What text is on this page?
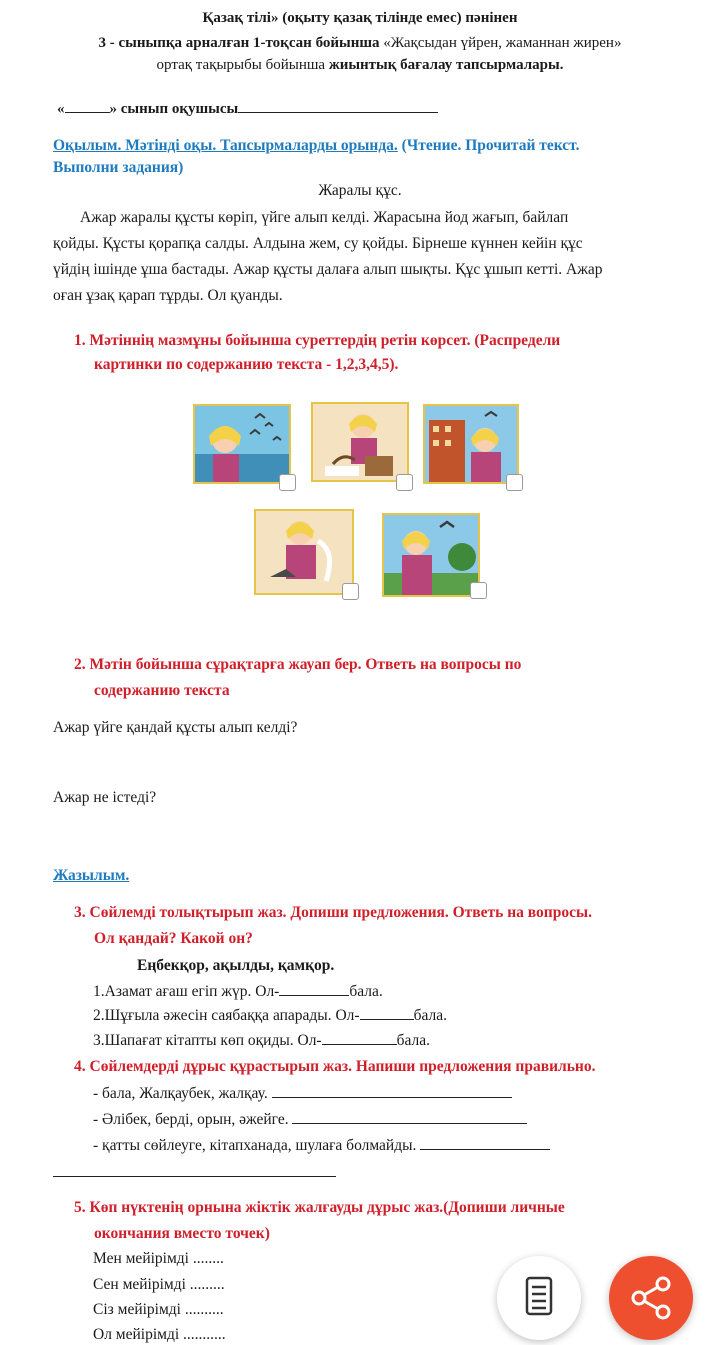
Қазақ тілі» (оқыту қазақ тілінде емес) пәнінен
3 - сыныпқа арналған 1-тоқсан бойынша «Жақсыдан үйрен, жаманнан жирен»
ортақ тақырыбы бойынша жиынтық бағалау тапсырмалары.
«	» сынып оқушысы
Оқылым. Мәтінді оқы. Тапсырмаларды орында. (Чтение. Прочитай текст.
Выполни задания)
Жаралы құс.
Ажар жаралы құсты көріп, үйге алып келді. Жарасына йод жағып, байлап
қойды. Құсты қорапқа салды. Алдына жем, су қойды. Бірнеше күннен кейін құс
үйдің ішінде ұша бастады. Ажар құсты далаға алып шықты. Құс ұшып кетті. Ажар
оған ұзақ қарап тұрды. Ол қуанды.
1. Мәтіннің мазмұны бойынша суреттердің ретін көрсет. (Распредели
картинки по содержанию текста - 1,2,3,4,5).
2. Мәтін бойынша сұрақтарға жауап бер. Ответь на вопросы по
содержанию текста
Ажар үйге қандай құсты алып келді?
Ажар не істеді?
Жазылым.
3. Сөйлемді толықтырып жаз. Допиши предложения. Ответь на вопросы.
Ол қандай? Какой он?
Еңбекқор, ақылды, қамқор.
1.Азамат ағаш егіп жүр. Ол-	бала.
2.Шұғыла әжесін саябаққа апарады. Ол-	бала.
3.Шапағат кітапты көп оқиды. Ол-	бала.
4. Сөйлемдерді дұрыс құрастырып жаз. Напиши предложения правильно.
- бала, Жалқаубек, жалқау.
- Әлібек, берді, орын, әжейге.
- қатты сөйлеуге, кітапханада, шулаға болмайды.
5. Көп нүктенің орнына жіктік жалғауды дұрыс жаз.(Допиши личные
окончания вместо точек)
Мен мейірімді ........
Сен мейірімді .........
Сіз мейірімді ..........
Ол мейірімді ...........
